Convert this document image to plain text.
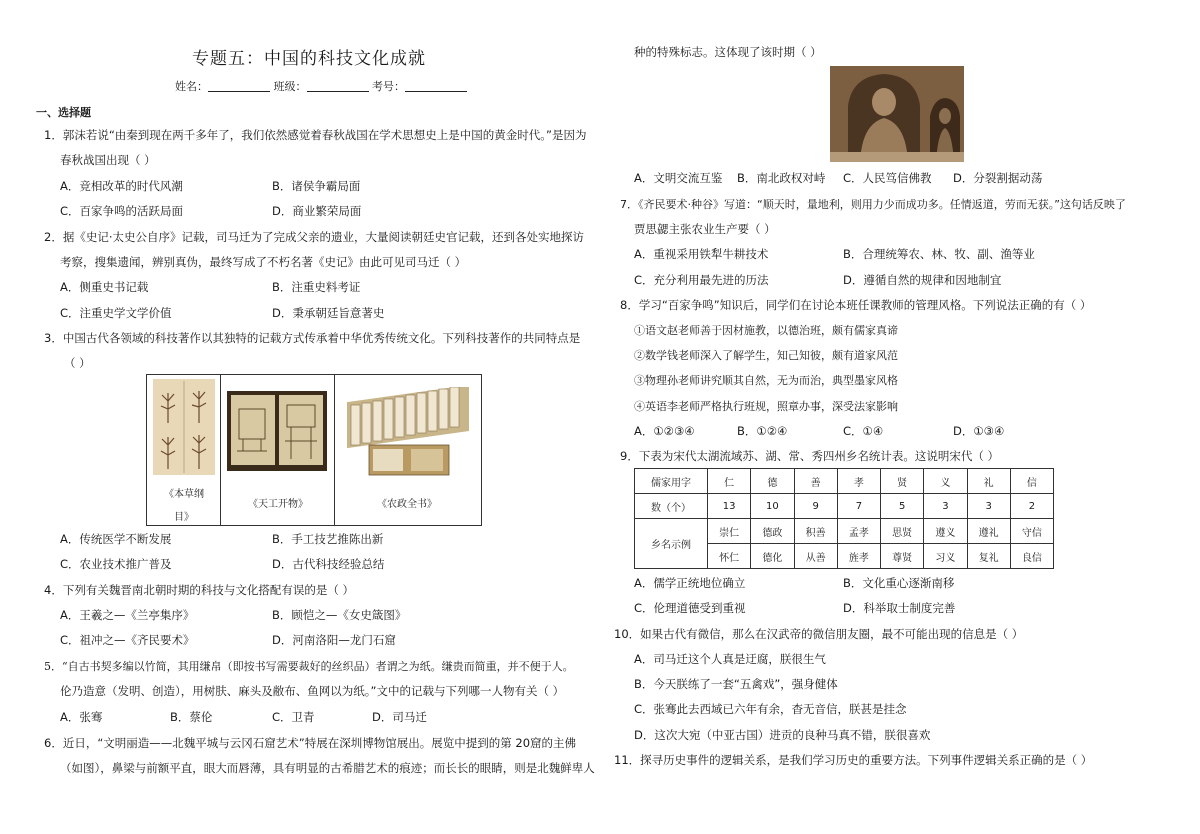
专题五：中国的科技文化成就
姓名：	班级：	考号：
一、选择题
1．郭沫若说“由秦到现在两千多年了，我们依然感觉着春秋战国在学术思想史上是中国的黄金时代。”是因为
春秋战国出现（ ）
A．竞相改革的时代风潮	B．诸侯争霸局面
C．百家争鸣的活跃局面	D．商业繁荣局面
2．据《史记·太史公自序》记载，司马迁为了完成父亲的遗业，大量阅读朝廷史官记载，还到各处实地探访
考察，搜集遗闻，辨别真伪，最终写成了不朽名著《史记》由此可见司马迁（ ）
A．侧重史书记载	B．注重史料考证
C．注重史学文学价值	D．秉承朝廷旨意著史
3．中国古代各领域的科技著作以其独特的记载方式传承着中华优秀传统文化。下列科技著作的共同特点是
（ ）
《本草纲
目》
《天工开物》	《农政全书》
A．传统医学不断发展	B．手工技艺推陈出新
C．农业技术推广普及	D．古代科技经验总结
4．下列有关魏晋南北朝时期的科技与文化搭配有误的是（ ）
A．王羲之—《兰亭集序》	B．顾恺之—《女史箴图》
C．祖冲之—《齐民要术》	D．河南洛阳—龙门石窟
5．“自古书契多编以竹简，其用缣帛（即按书写需要裁好的丝织品）者谓之为纸。缣贵而简重，并不便于人。
伦乃造意（发明、创造），用树肤、麻头及敝布、鱼网以为纸。”文中的记载与下列哪一人物有关（ ）
A．张骞	B．蔡伦	C．卫青	D．司马迁
6．近日，“文明丽造——北魏平城与云冈石窟艺术”特展在深圳博物馆展出。展览中提到的第 20窟的主佛
（如图），鼻梁与前额平直，眼大而唇薄，具有明显的古希腊艺术的痕迹；而长长的眼睛，则是北魏鲜卑人
种的特殊标志。这体现了该时期（ ）
A．文明交流互鉴 B．南北政权对峙 C．人民笃信佛教 D．分裂割据动荡
7．《齐民要术·种谷》写道：“顺天时，量地利，则用力少而成功多。任情返道，劳而无获。”这句话反映了
贾思勰主张农业生产要（ ）
A．重视采用铁犁牛耕技术	B．合理统筹农、林、牧、副、渔等业
C．充分利用最先进的历法	D．遵循自然的规律和因地制宜
8．学习“百家争鸣”知识后，同学们在讨论本班任课教师的管理风格。下列说法正确的有（ ）
①语文赵老师善于因材施教，以德治班，颇有儒家真谛
②数学钱老师深入了解学生，知己知彼，颇有道家风范
③物理孙老师讲究顺其自然，无为而治，典型墨家风格
④英语李老师严格执行班规，照章办事，深受法家影响
A．①②③④	B．①②④	C．①④	D．①③④
9．下表为宋代太湖流域苏、湖、常、秀四州乡名统计表。这说明宋代（ ）
儒家用字	仁	德	善	孝	贤	义	礼	信
数（个）	13	10	9	7	5	3	3	2
乡名示例	崇仁	德政	积善	孟孝	思贤	遵义	遵礼	守信
	怀仁	德化	从善	旌孝	尊贤	习义	复礼	良信
A．儒学正统地位确立	B．文化重心逐渐南移
C．伦理道德受到重视	D．科举取士制度完善
10．如果古代有微信，那么在汉武帝的微信朋友圈，最不可能出现的信息是（ ）
A．司马迁这个人真是迂腐，朕很生气
B．今天朕练了一套“五禽戏”，强身健体
C．张骞此去西域已六年有余，杳无音信，朕甚是挂念
D．这次大宛（中亚古国）进贡的良种马真不错，朕很喜欢
11．探寻历史事件的逻辑关系，是我们学习历史的重要方法。下列事件逻辑关系正确的是（ ）
